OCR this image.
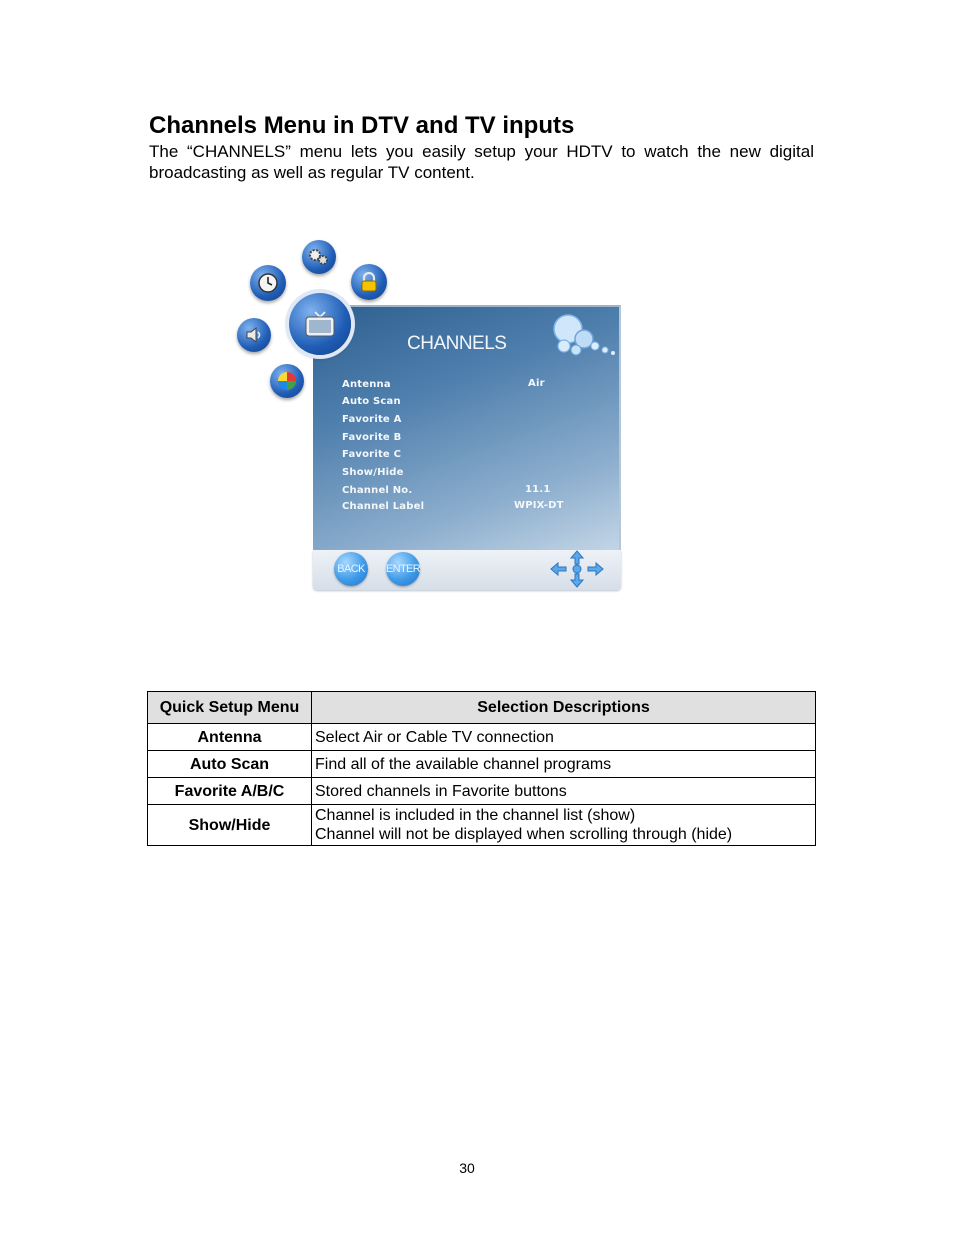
Channels Menu in DTV and TV inputs

The “CHANNELS” menu lets you easily setup your HDTV to watch the new digital broadcasting as well as regular TV content.

CHANNELS
Antenna	Air
Auto Scan
Favorite A
Favorite B
Favorite C
Show/Hide
Channel No.	11.1
Channel Label	WPIX-DT
BACK ENTER
Quick Setup Menu	Selection Descriptions
Antenna	Select Air or Cable TV connection
Auto Scan	Find all of the available channel programs
Favorite A/B/C	Stored channels in Favorite buttons
Show/Hide	Channel is included in the channel list (show)
Channel will not be displayed when scrolling through (hide)
30
